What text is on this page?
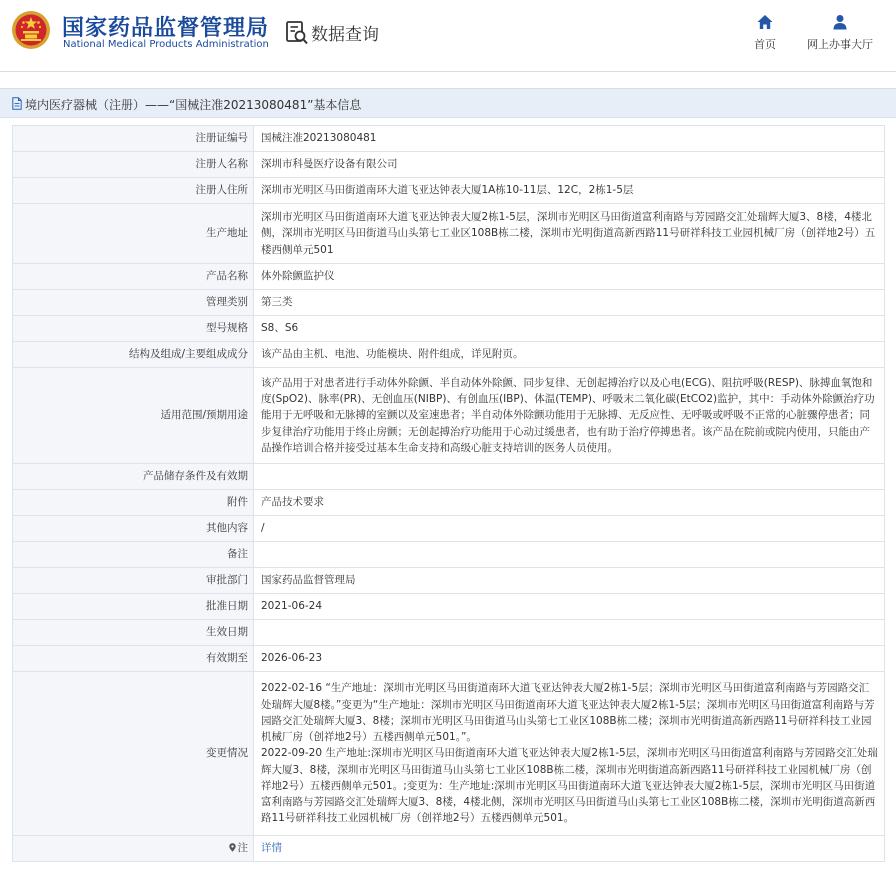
国家药品监督管理局
National Medical Products Administration 数据查询	首页	网上办事大厅
境内医疗器械（注册）——“国械注准20213080481”基本信息
注册证编号	国械注准20213080481
注册人名称	深圳市科曼医疗设备有限公司
注册人住所	深圳市光明区马田街道南环大道飞亚达钟表大厦1A栋10-11层、12C，2栋1-5层
生产地址	深圳市光明区马田街道南环大道飞亚达钟表大厦2栋1-5层，深圳市光明区马田街道富利南路与芳园路交汇处瑞辉大厦3、8楼，4楼北侧，深圳市光明区马田街道马山头第七工业区108B栋二楼，深圳市光明街道高新西路11号研祥科技工业园机械厂房（创祥地2号）五楼西侧单元501
产品名称	体外除颤监护仪
管理类别	第三类
型号规格	S8、S6
结构及组成/主要组成成分	该产品由主机、电池、功能模块、附件组成，详见附页。
适用范围/预期用途	该产品用于对患者进行手动体外除颤、半自动体外除颤、同步复律、无创起搏治疗以及心电(ECG)、阻抗呼吸(RESP)、脉搏血氧饱和度(SpO2)、脉率(PR)、无创血压(NIBP)、有创血压(IBP)、体温(TEMP)、呼吸末二氧化碳(EtCO2)监护，其中：手动体外除颤治疗功能用于无呼吸和无脉搏的室颤以及室速患者；半自动体外除颤功能用于无脉搏、无反应性、无呼吸或呼吸不正常的心脏骤停患者；同步复律治疗功能用于终止房颤；无创起搏治疗功能用于心动过缓患者，也有助于治疗停搏患者。该产品在院前或院内使用，只能由产品操作培训合格并接受过基本生命支持和高级心脏支持培训的医务人员使用。
产品储存条件及有效期	
附件	产品技术要求
其他内容	/
备注	
审批部门	国家药品监督管理局
批准日期	2021-06-24
生效日期	
有效期至	2026-06-23
变更情况	2022-02-16 “生产地址：深圳市光明区马田街道南环大道飞亚达钟表大厦2栋1-5层；深圳市光明区马田街道富利南路与芳园路交汇处瑞辉大厦8楼。”变更为“生产地址：深圳市光明区马田街道南环大道飞亚达钟表大厦2栋1-5层；深圳市光明区马田街道富利南路与芳园路交汇处瑞辉大厦3、8楼；深圳市光明区马田街道马山头第七工业区108B栋二楼；深圳市光明街道高新西路11号研祥科技工业园机械厂房（创祥地2号）五楼西侧单元501。”。
2022-09-20 生产地址:深圳市光明区马田街道南环大道飞亚达钟表大厦2栋1-5层，深圳市光明区马田街道富利南路与芳园路交汇处瑞辉大厦3、8楼，深圳市光明区马田街道马山头第七工业区108B栋二楼，深圳市光明街道高新西路11号研祥科技工业园机械厂房（创祥地2号）五楼西侧单元501。;变更为：生产地址:深圳市光明区马田街道南环大道飞亚达钟表大厦2栋1-5层，深圳市光明区马田街道富利南路与芳园路交汇处瑞辉大厦3、8楼，4楼北侧，深圳市光明区马田街道马山头第七工业区108B栋二楼，深圳市光明街道高新西路11号研祥科技工业园机械厂房（创祥地2号）五楼西侧单元501。

注	详情
